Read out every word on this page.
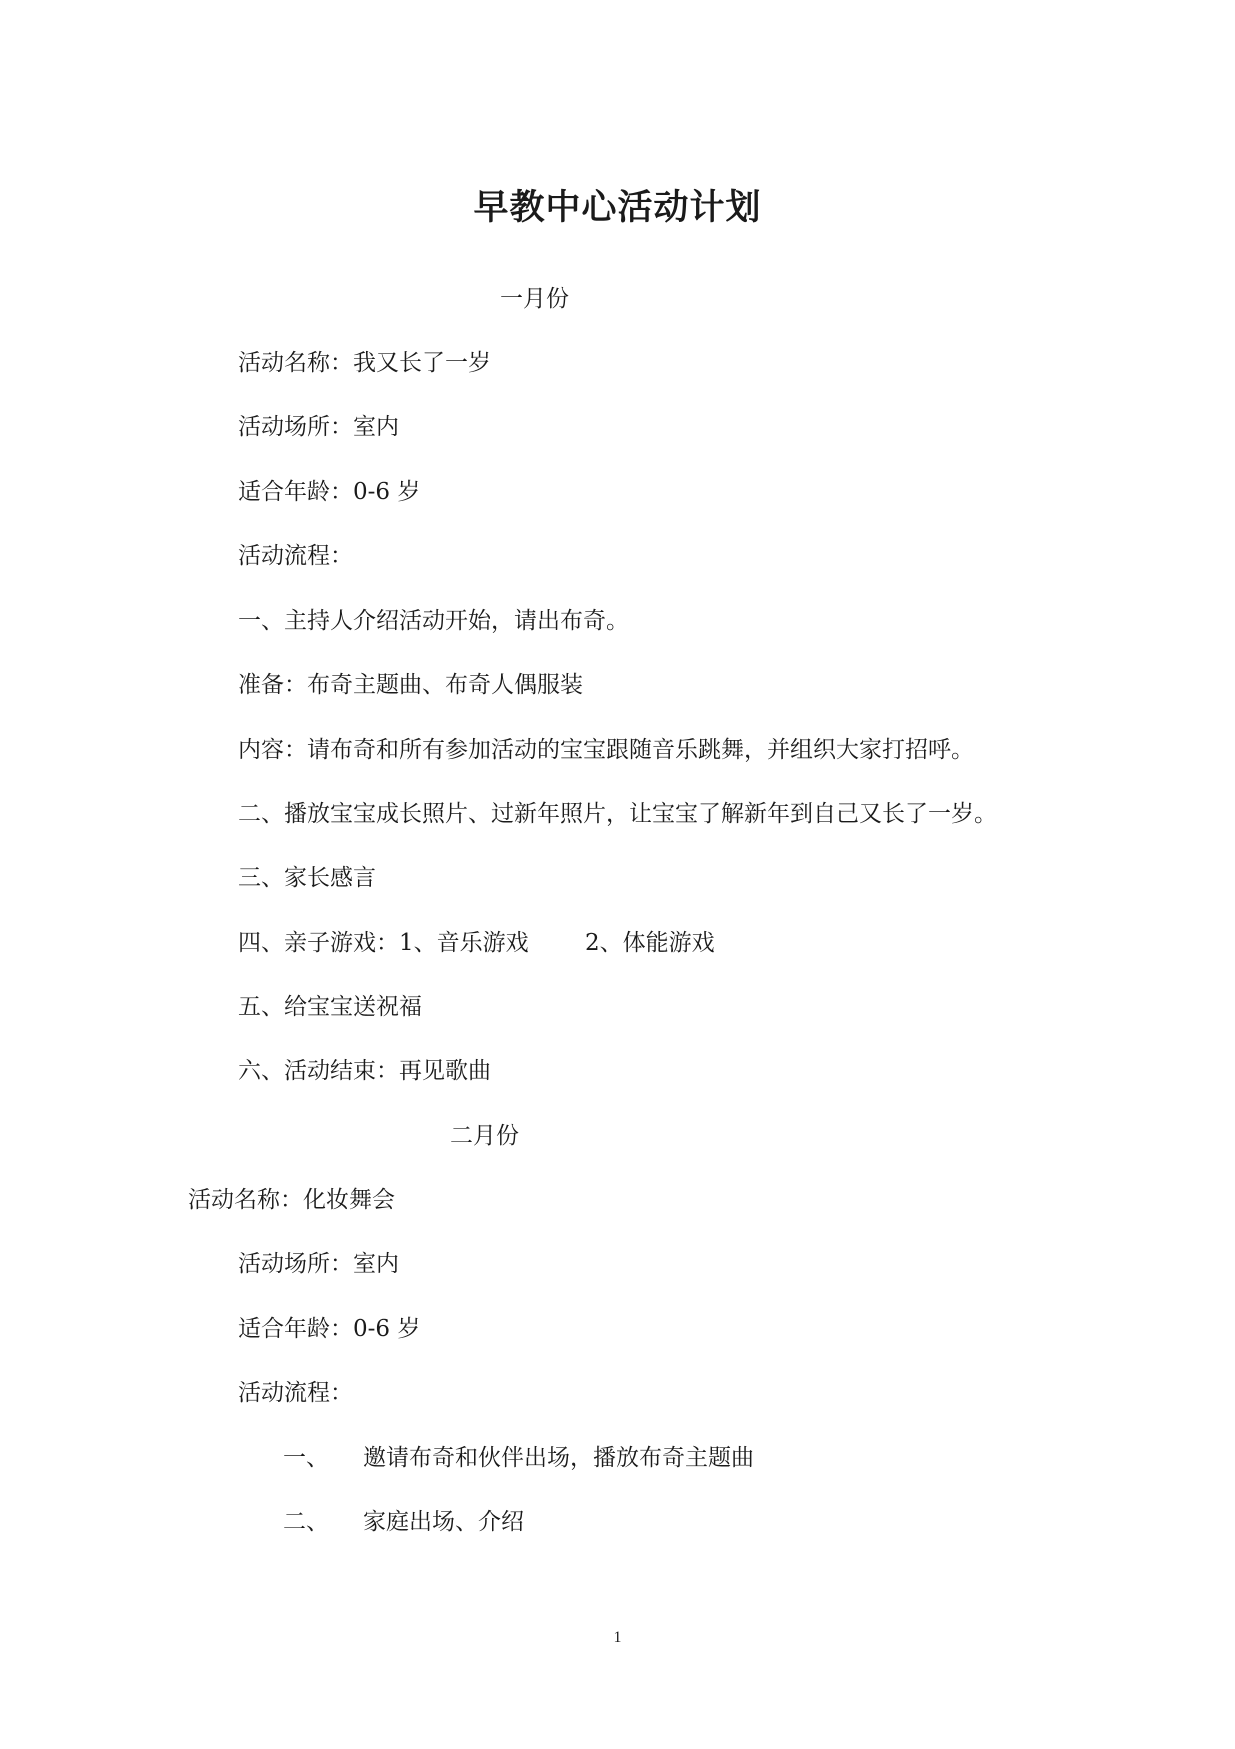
早教中心活动计划
一月份
活动名称：我又长了一岁
活动场所：室内
适合年龄：0-6 岁
活动流程：
一、主持人介绍活动开始，请出布奇。
准备：布奇主题曲、布奇人偶服装
内容：请布奇和所有参加活动的宝宝跟随音乐跳舞，并组织大家打招呼。
二、播放宝宝成长照片、过新年照片，让宝宝了解新年到自己又长了一岁。
三、家长感言
四、亲子游戏：1、音乐游戏 2、体能游戏
五、给宝宝送祝福
六、活动结束：再见歌曲
二月份
活动名称：化妆舞会
活动场所：室内
适合年龄：0-6 岁
活动流程：
一、 邀请布奇和伙伴出场，播放布奇主题曲
二、 家庭出场、介绍
1
